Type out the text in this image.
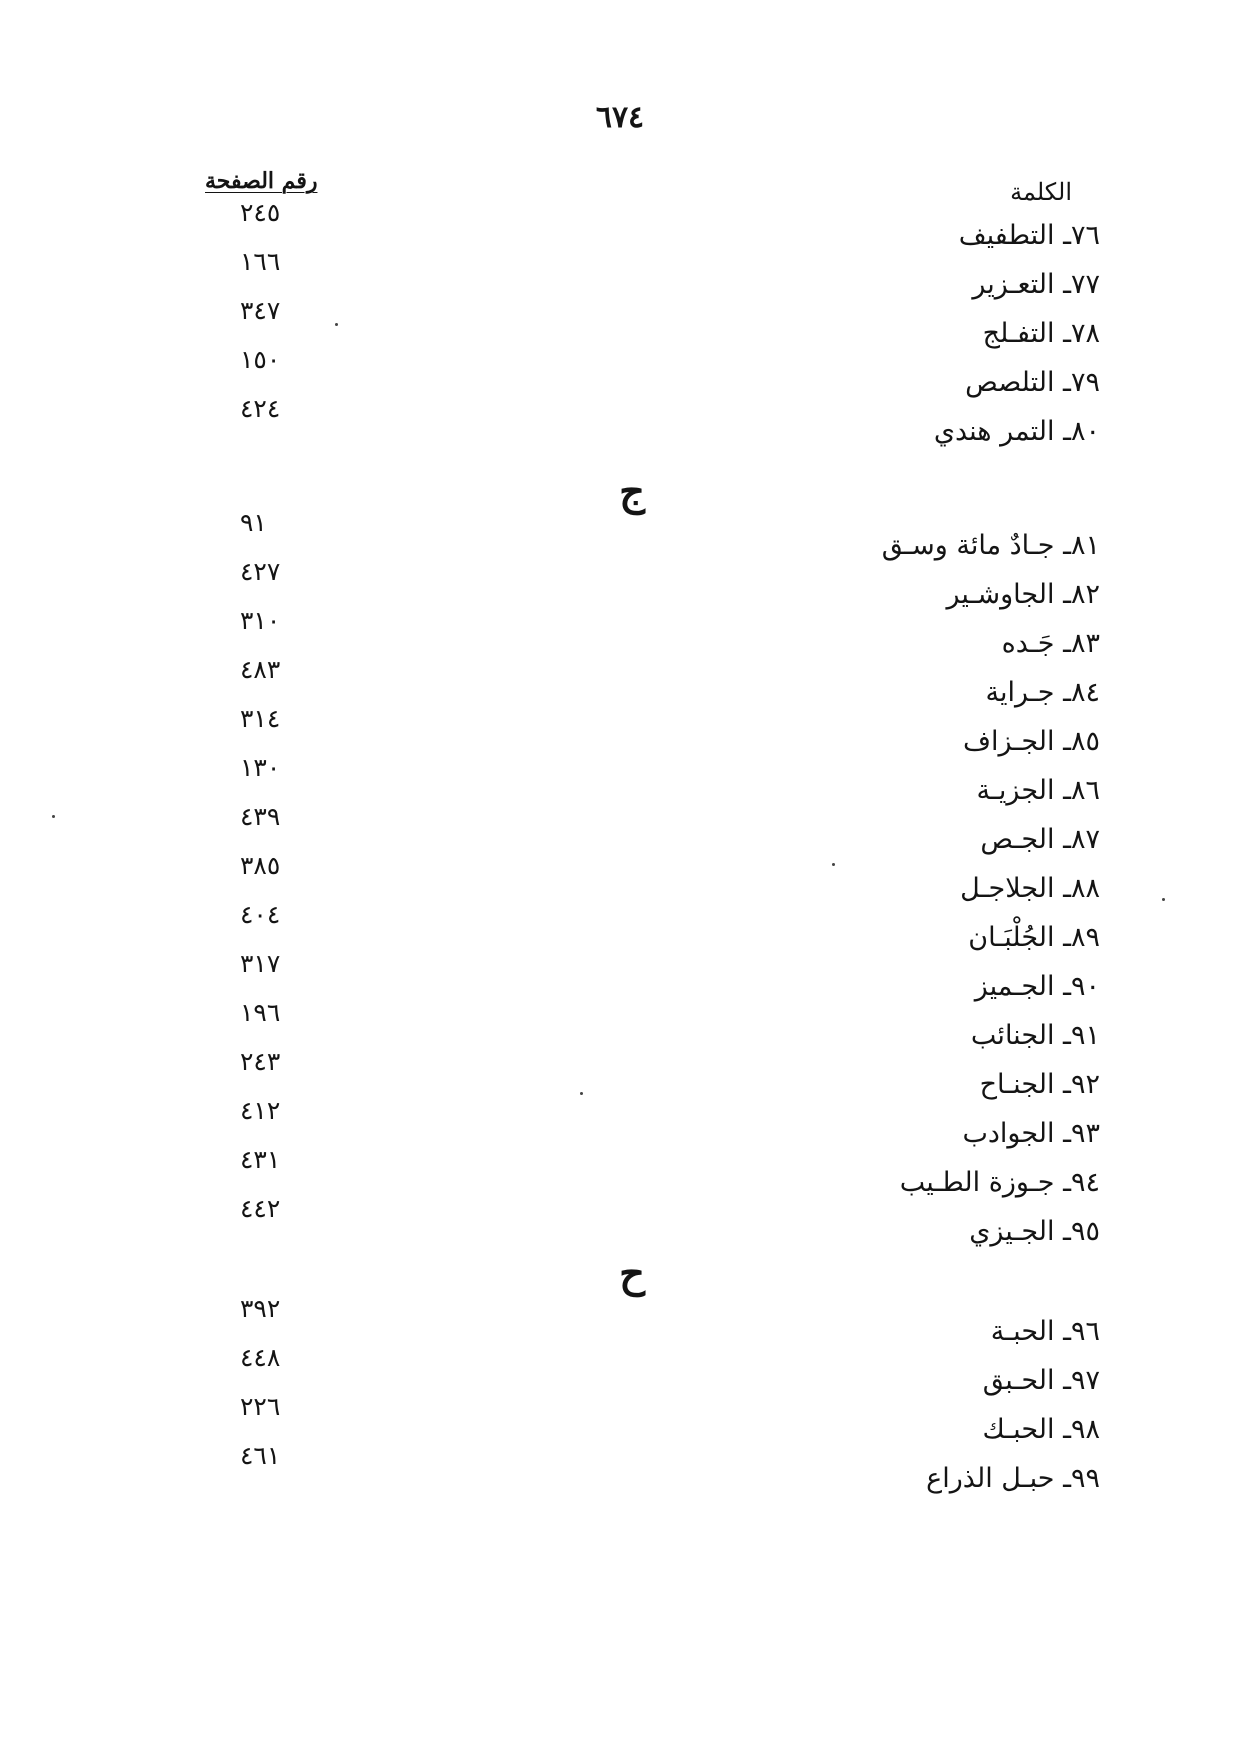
٦٧٤
الكلمة
رقم الصفحة
٧٦ـ التطفيف
٢٤٥
٧٧ـ التعـزير
١٦٦
٧٨ـ التفـلج
٣٤٧
٧٩ـ التلصص
١٥٠
٨٠ـ التمر هندي
٤٢٤
ج
٨١ـ جـادٌ مائة وسـق
٩١
٨٢ـ الجاوشـير
٤٢٧
٨٣ـ جَـده
٣١٠
٨٤ـ جـراية
٤٨٣
٨٥ـ الجـزاف
٣١٤
٨٦ـ الجزيـة
١٣٠
٨٧ـ الجـص
٤٣٩
٨٨ـ الجلاجـل
٣٨٥
٨٩ـ الجُلْبَـان
٤٠٤
٩٠ـ الجـميز
٣١٧
٩١ـ الجنائب
١٩٦
٩٢ـ الجنـاح
٢٤٣
٩٣ـ الجوادب
٤١٢
٩٤ـ جـوزة الطـيب
٤٣١
٩٥ـ الجـيزي
٤٤٢
ح
٩٦ـ الحبـة
٣٩٢
٩٧ـ الحـبق
٤٤٨
٩٨ـ الحبـك
٢٢٦
٩٩ـ حبـل الذراع
٤٦١
